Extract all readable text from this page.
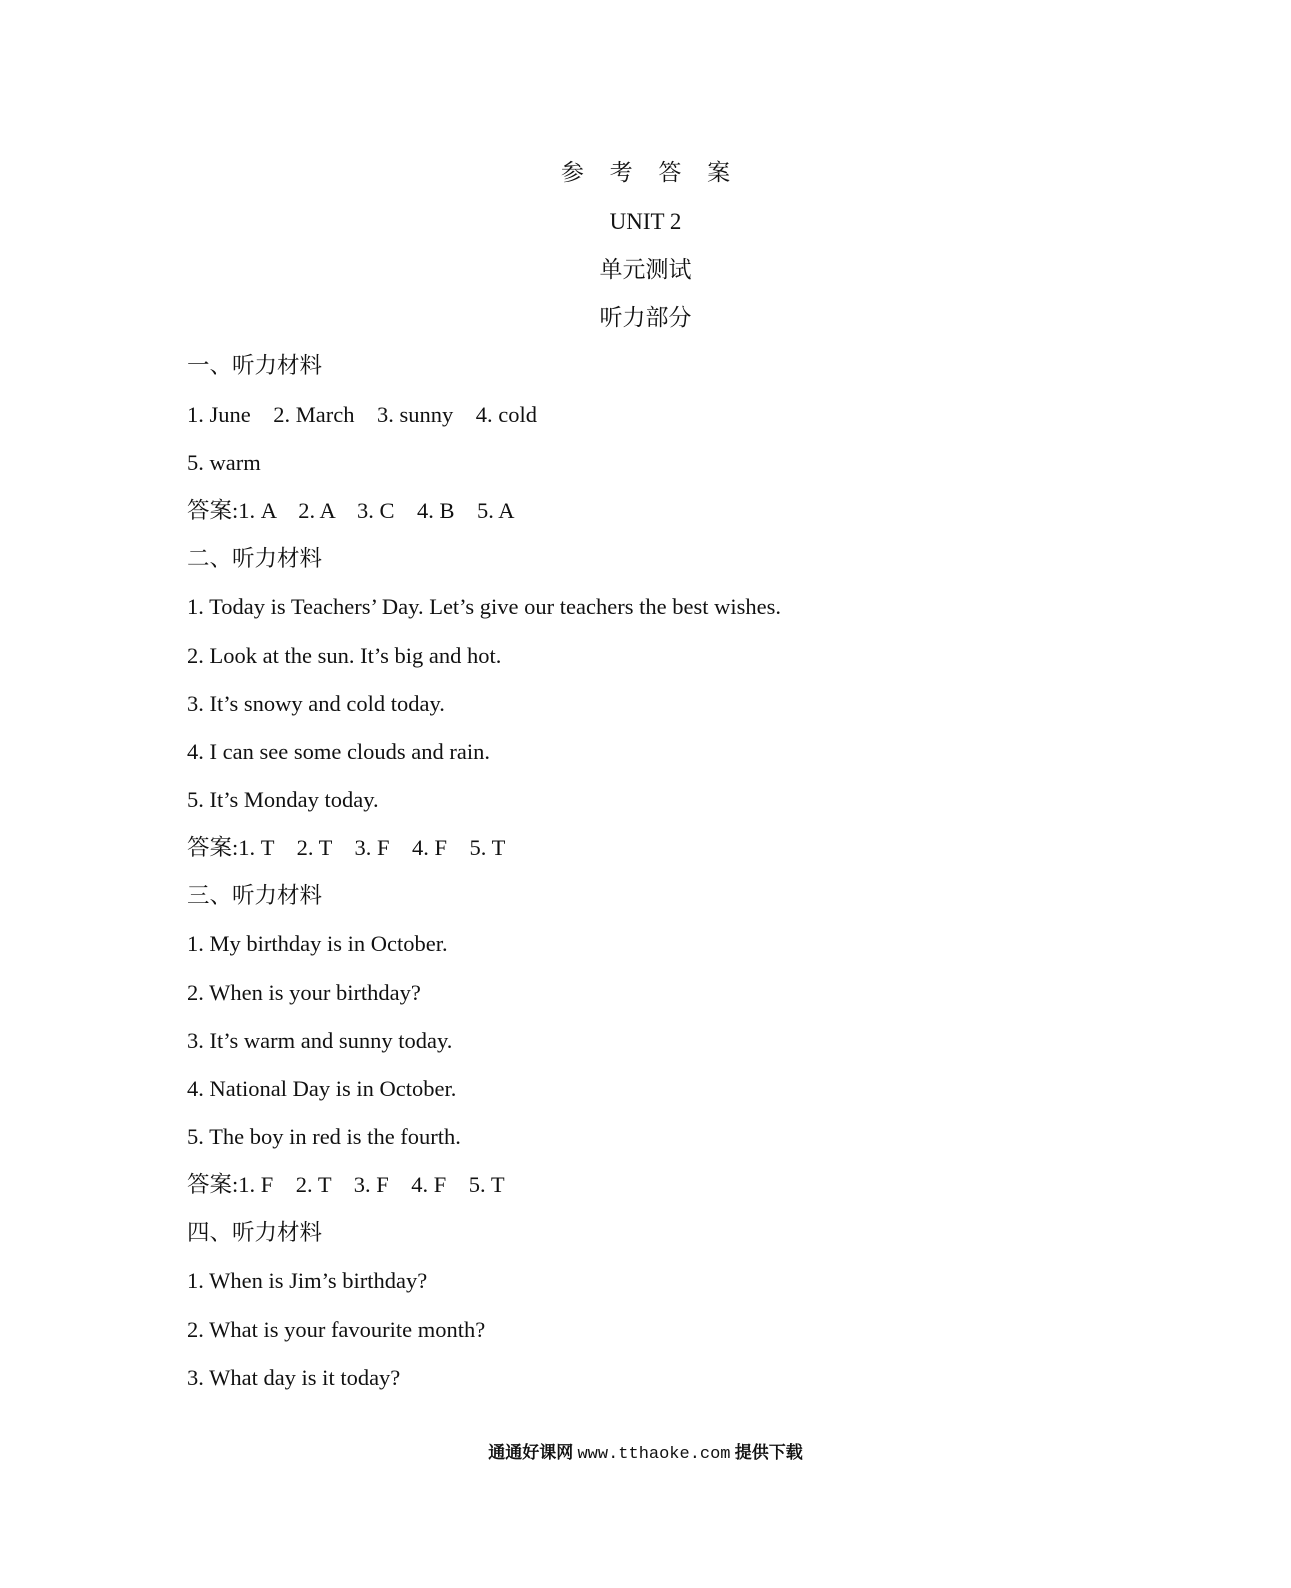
参 考 答 案
UNIT 2
单元测试
听力部分
一、听力材料
1. June    2. March    3. sunny    4. cold
5. warm
答案:1. A    2. A    3. C    4. B    5. A
二、听力材料
1. Today is Teachers’ Day. Let’s give our teachers the best wishes.
2. Look at the sun. It’s big and hot.
3. It’s snowy and cold today.
4. I can see some clouds and rain.
5. It’s Monday today.
答案:1. T    2. T    3. F    4. F    5. T
三、听力材料
1. My birthday is in October.
2. When is your birthday?
3. It’s warm and sunny today.
4. National Day is in October.
5. The boy in red is the fourth.
答案:1. F    2. T    3. F    4. F    5. T
四、听力材料
1. When is Jim’s birthday?
2. What is your favourite month?
3. What day is it today?
通通好课网 www.tthaoke.com 提供下载
